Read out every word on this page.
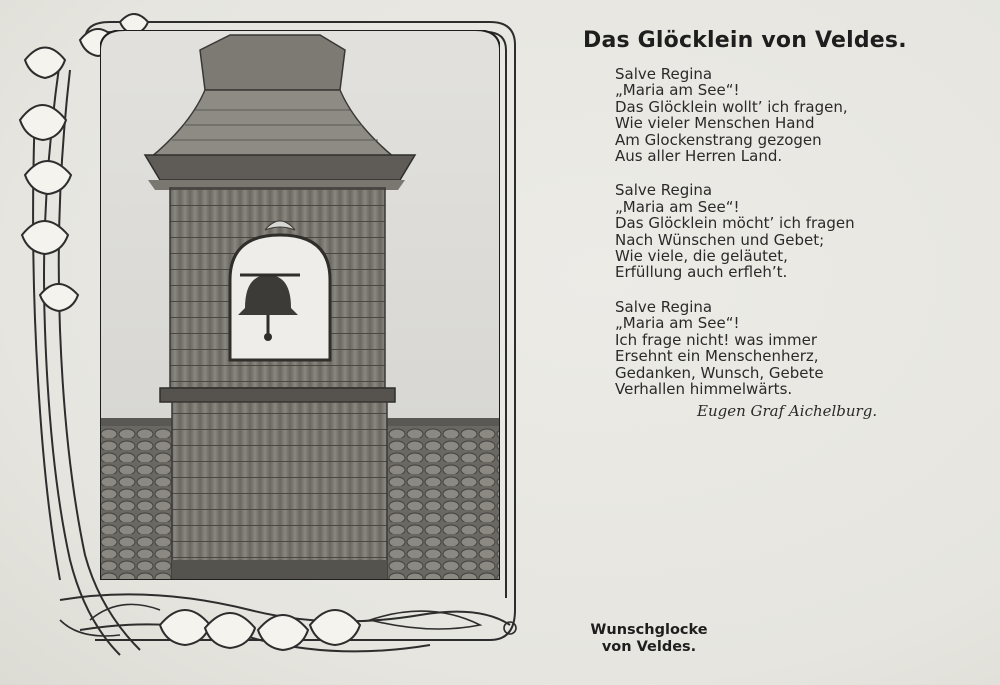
Das Glöcklein von Veldes.
Salve Regina
„Maria am See“!
Das Glöcklein wollt’ ich fragen,
Wie vieler Menschen Hand
Am Glockenstrang gezogen
Aus aller Herren Land.
Salve Regina
„Maria am See“!
Das Glöcklein möcht’ ich fragen
Nach Wünschen und Gebet;
Wie viele, die geläutet,
Erfüllung auch erfleh’t.
Salve Regina
„Maria am See“!
Ich frage nicht! was immer
Ersehnt ein Menschenherz,
Gedanken, Wunsch, Gebete
Verhallen himmelwärts.
Eugen Graf Aichelburg.
Wunschglocke
von Veldes.
